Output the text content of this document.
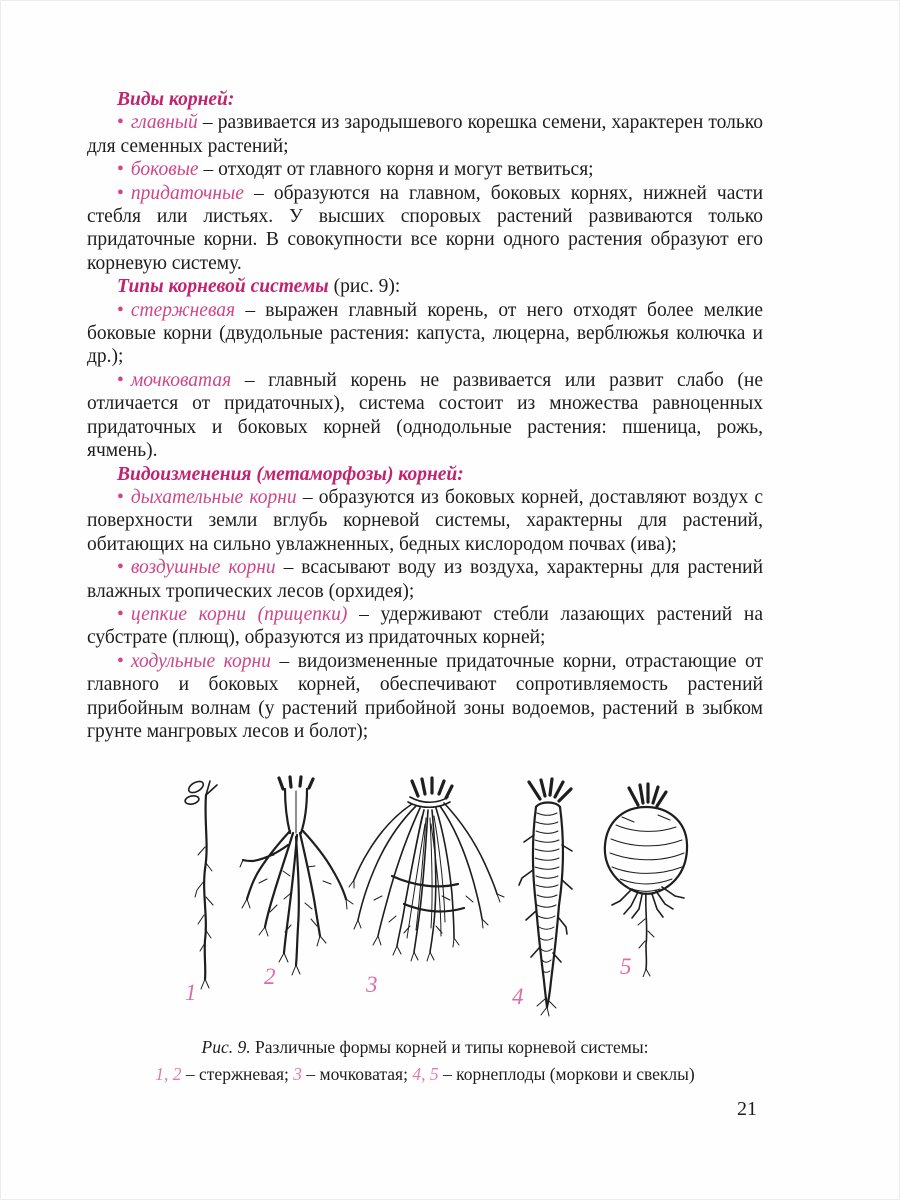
Виды корней:

• главный – развивается из зародышевого корешка семени, характерен только для семенных растений;

• боковые – отходят от главного корня и могут ветвиться;

• придаточные – образуются на главном, боковых корнях, нижней части стебля или листьях. У высших споровых растений развиваются только придаточные корни. В совокупности все корни одного растения образуют его корневую систему.

Типы корневой системы (рис. 9):

• стержневая – выражен главный корень, от него отходят более мелкие боковые корни (двудольные растения: капуста, люцерна, верблюжья колючка и др.);

• мочковатая – главный корень не развивается или развит слабо (не отличается от придаточных), система состоит из множества равноценных придаточных и боковых корней (однодольные растения: пшеница, рожь, ячмень).

Видоизменения (метаморфозы) корней:

• дыхательные корни – образуются из боковых корней, доставляют воздух с поверхности земли вглубь корневой системы, характерны для растений, обитающих на сильно увлажненных, бедных кислородом почвах (ива);

• воздушные корни – всасывают воду из воздуха, характерны для растений влажных тропических лесов (орхидея);

• цепкие корни (прицепки) – удерживают стебли лазающих растений на субстрате (плющ), образуются из придаточных корней;

• ходульные корни – видоизмененные придаточные корни, отрастающие от главного и боковых корней, обеспечивают сопротивляемость растений прибойным волнам (у растений прибойной зоны водоемов, растений в зыбком грунте мангровых лесов и болот);

1
2	3	4
5
Рис. 9. Различные формы корней и типы корневой системы:
1, 2 – стержневая; 3 – мочковатая; 4, 5 – корнеплоды (моркови и свеклы)
21
